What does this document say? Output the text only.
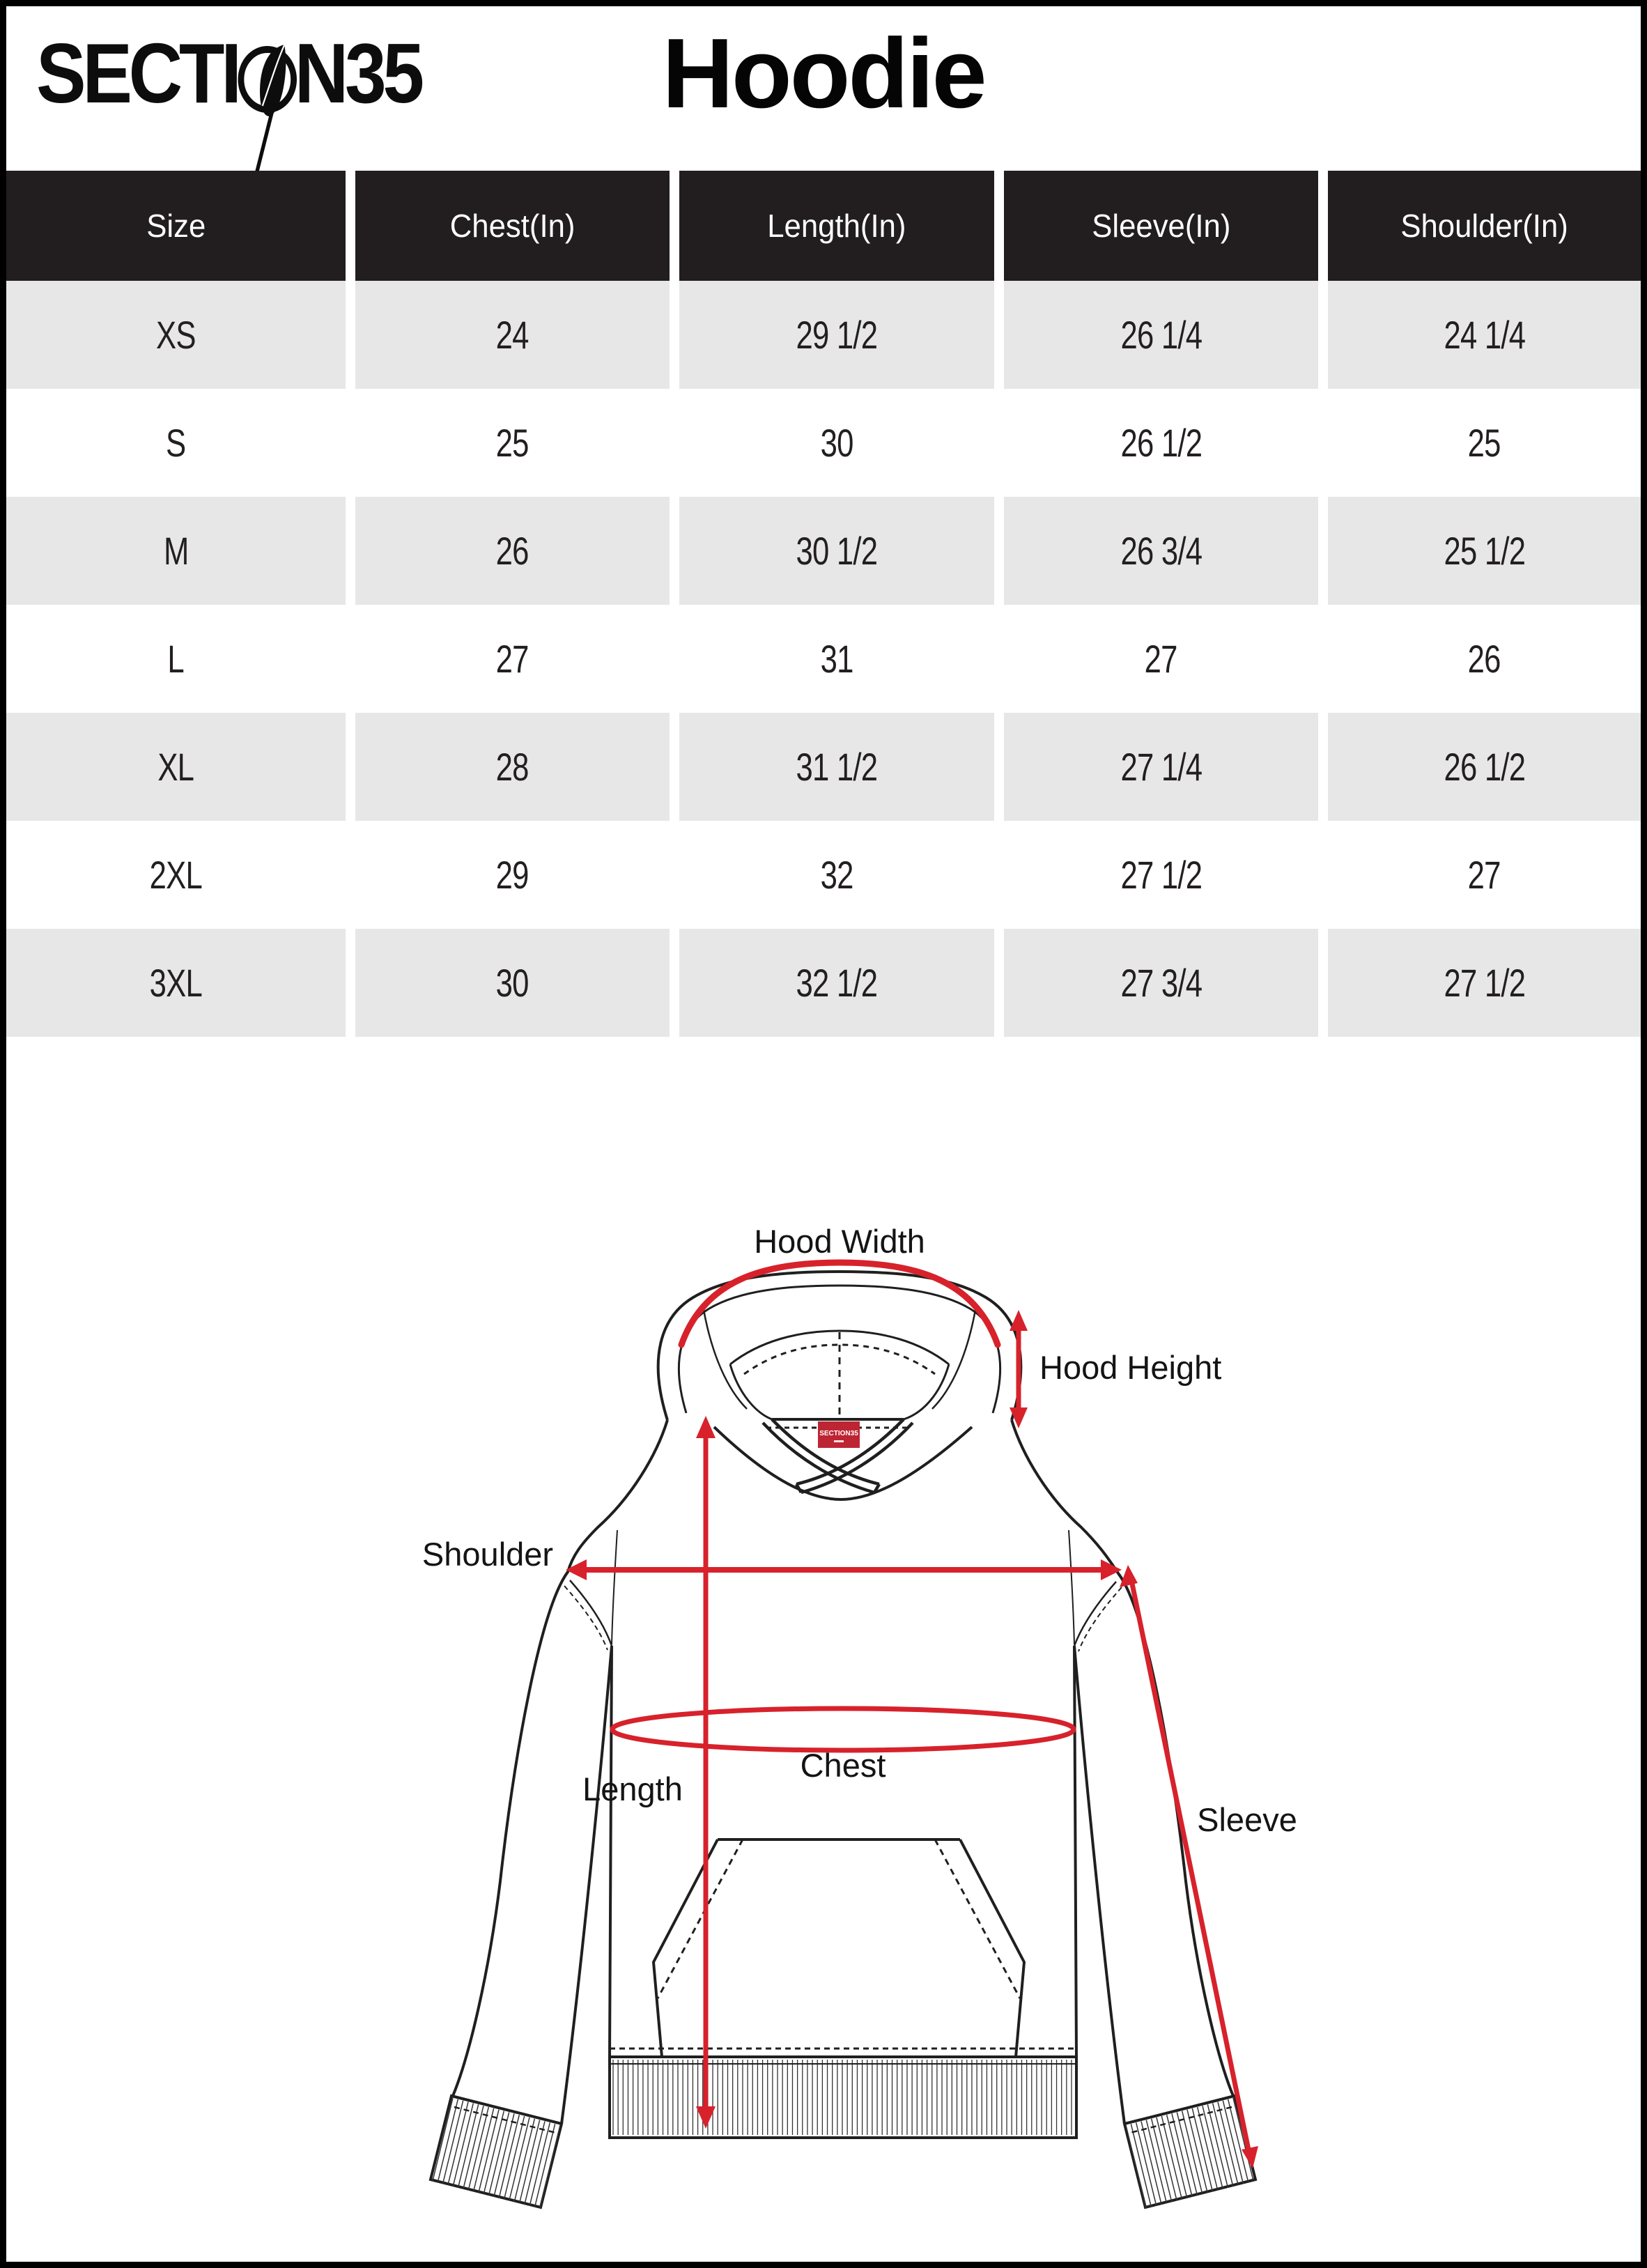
SECTI N35	Hoodie
Size	Chest(In)	Length(In)	Sleeve(In)	Shoulder(In)
XS	24	29 1/2	26 1/4	24 1/4
S	25	30	26 1/2	25
M	26	30 1/2	26 3/4	25 1/2
L	27	31	27	26
XL	28	31 1/2	27 1/4	26 1/2
2XL	29	32	27 1/2	27
3XL	30	32 1/2	27 3/4	27 1/2
SECTION35
Hood Width
Hood Height
Shoulder
Length
Chest
Sleeve
